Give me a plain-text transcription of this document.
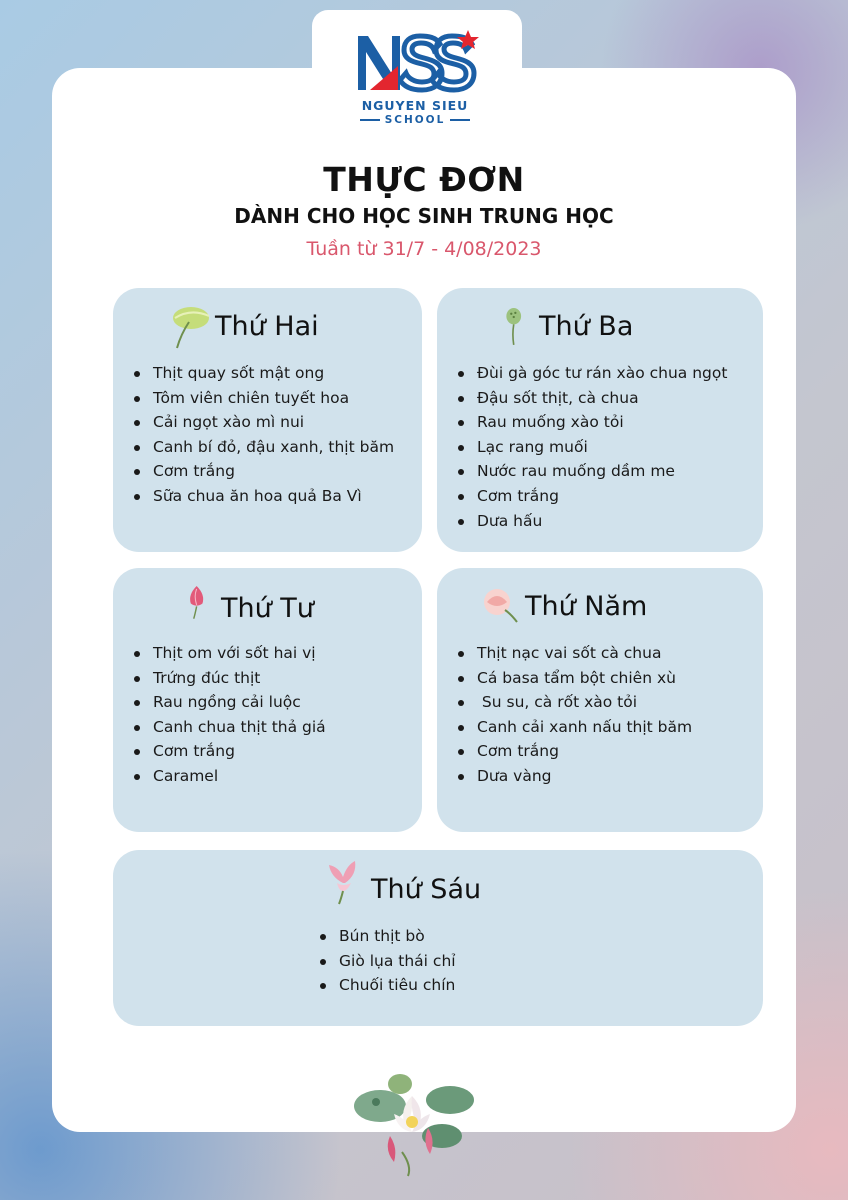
NGUYEN SIEU
SCHOOL
THỰC ĐƠN
DÀNH CHO HỌC SINH TRUNG HỌC
Tuần từ 31/7 - 4/08/2023
Thứ Hai
Thịt quay sốt mật ong
Tôm viên chiên tuyết hoa
Cải ngọt xào mì nui
Canh bí đỏ, đậu xanh, thịt băm
Cơm trắng
Sữa chua ăn hoa quả Ba Vì
Thứ Ba
Đùi gà góc tư rán xào chua ngọt
Đậu sốt thịt, cà chua
Rau muống xào tỏi
Lạc rang muối
Nước rau muống dầm me
Cơm trắng
Dưa hấu
Thứ Tư
Thịt om với sốt hai vị
Trứng đúc thịt
Rau ngồng cải luộc
Canh chua thịt thả giá
Cơm trắng
Caramel
Thứ Năm
Thịt nạc vai sốt cà chua
Cá basa tẩm bột chiên xù
Su su, cà rốt xào tỏi
Canh cải xanh nấu thịt băm
Cơm trắng
Dưa vàng
Thứ Sáu
Bún thịt bò
Giò lụa thái chỉ
Chuối tiêu chín
